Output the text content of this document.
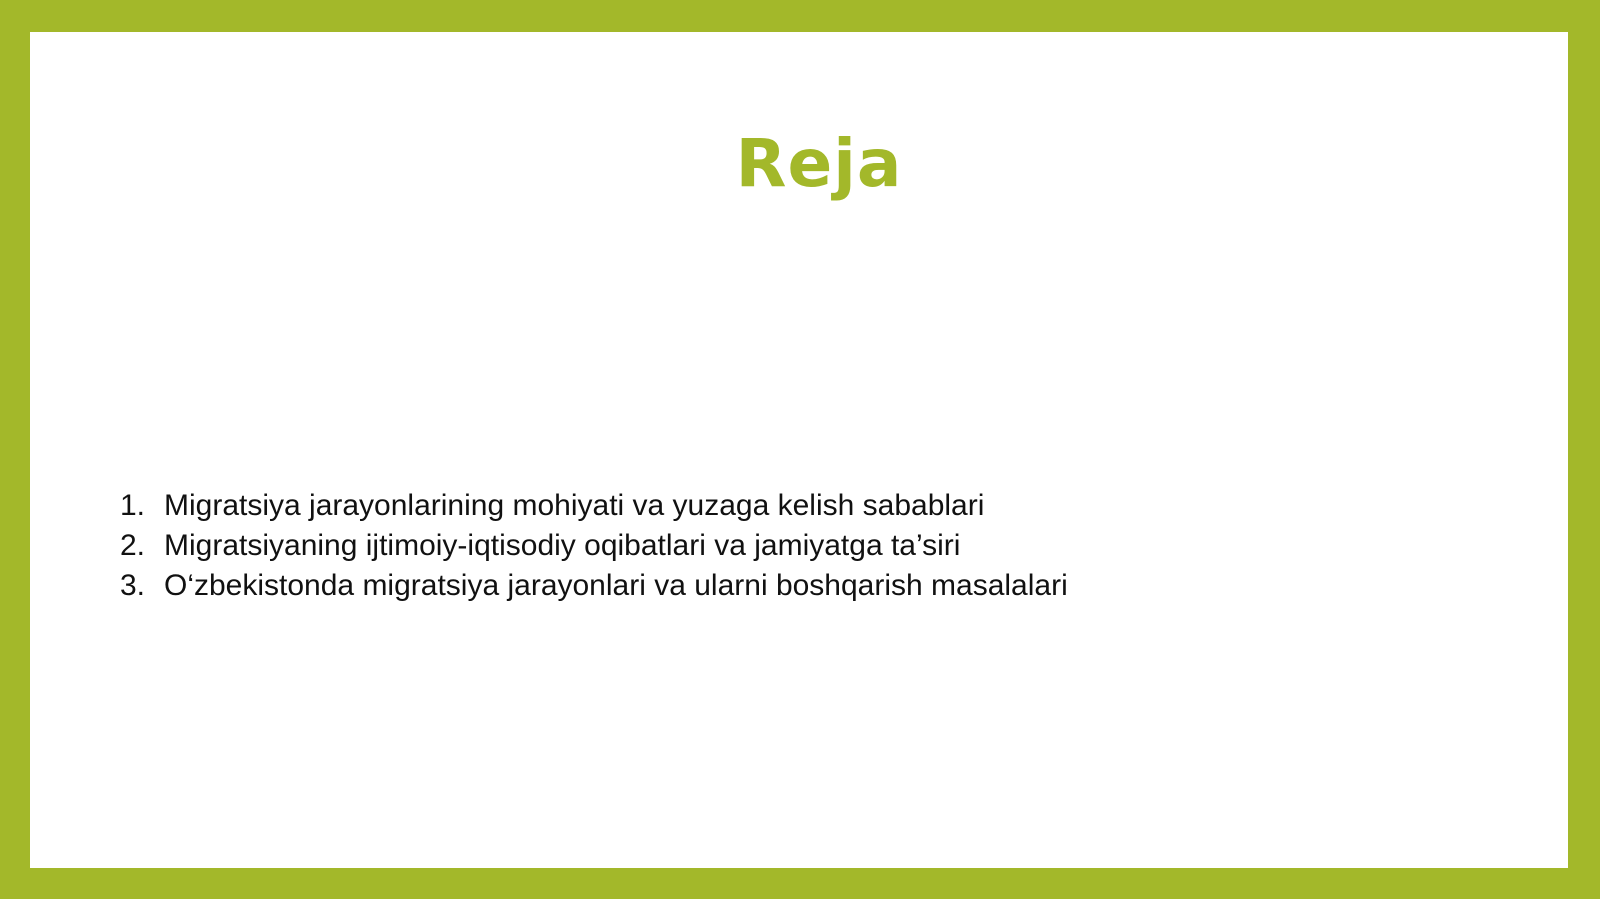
Reja
1. Migratsiya jarayonlarining mohiyati va yuzaga kelish sabablari
2. Migratsiyaning ijtimoiy-iqtisodiy oqibatlari va jamiyatga ta’siri
3. O‘zbekistonda migratsiya jarayonlari va ularni boshqarish masalalari
